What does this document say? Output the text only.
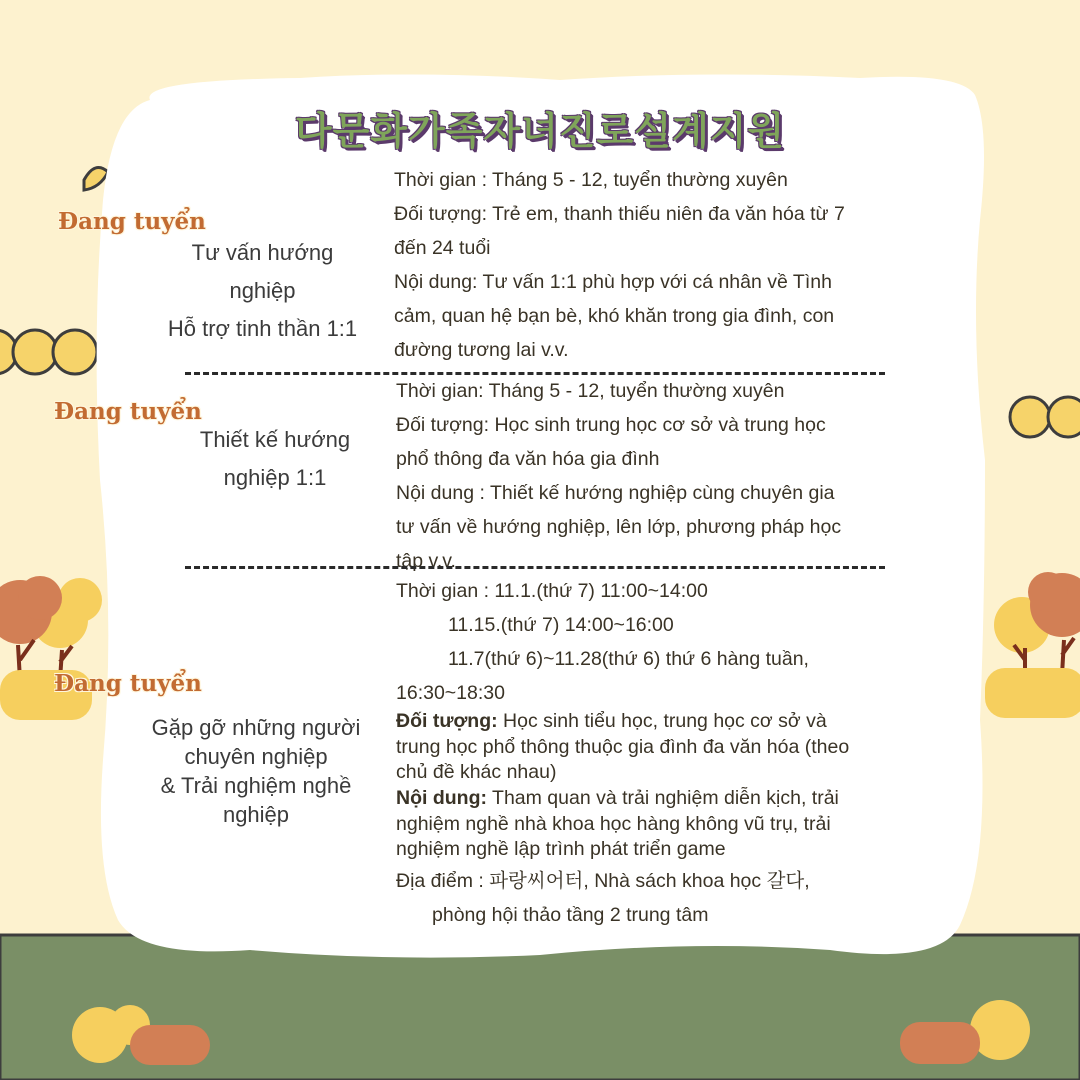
다문화가족자녀진로설계지원
Đang tuyển
Tư vấn hướng
nghiệp
Hỗ trợ tinh thần 1:1
Thời gian : Tháng 5 - 12, tuyển thường xuyên
Đối tượng: Trẻ em, thanh thiếu niên đa văn hóa từ 7
đến 24 tuổi
Nội dung: Tư vấn 1:1 phù hợp với cá nhân về Tình
cảm, quan hệ bạn bè, khó khăn trong gia đình, con
đường tương lai v.v.
Đang tuyển
Thiết kế hướng
nghiệp 1:1
Thời gian: Tháng 5 - 12, tuyển thường xuyên
Đối tượng: Học sinh trung học cơ sở và trung học
phổ thông đa văn hóa gia đình
Nội dung : Thiết kế hướng nghiệp cùng chuyên gia
tư vấn về hướng nghiệp, lên lớp, phương pháp học
tập v.v.
Đang tuyển
Gặp gỡ những người
chuyên nghiệp
& Trải nghiệm nghề
nghiệp
Thời gian : 11.1.(thứ 7) 11:00~14:00
11.15.(thứ 7) 14:00~16:00
11.7(thứ 6)~11.28(thứ 6) thứ 6 hàng tuần,
16:30~18:30
Đối tượng: Học sinh tiểu học, trung học cơ sở và
trung học phổ thông thuộc gia đình đa văn hóa (theo
chủ đề khác nhau)
Nội dung: Tham quan và trải nghiệm diễn kịch, trải
nghiệm nghề nhà khoa học hàng không vũ trụ, trải
nghiệm nghề lập trình phát triển game
Địa điểm : 파랑씨어터, Nhà sách khoa học 갈다,
phòng hội thảo tầng 2 trung tâm
